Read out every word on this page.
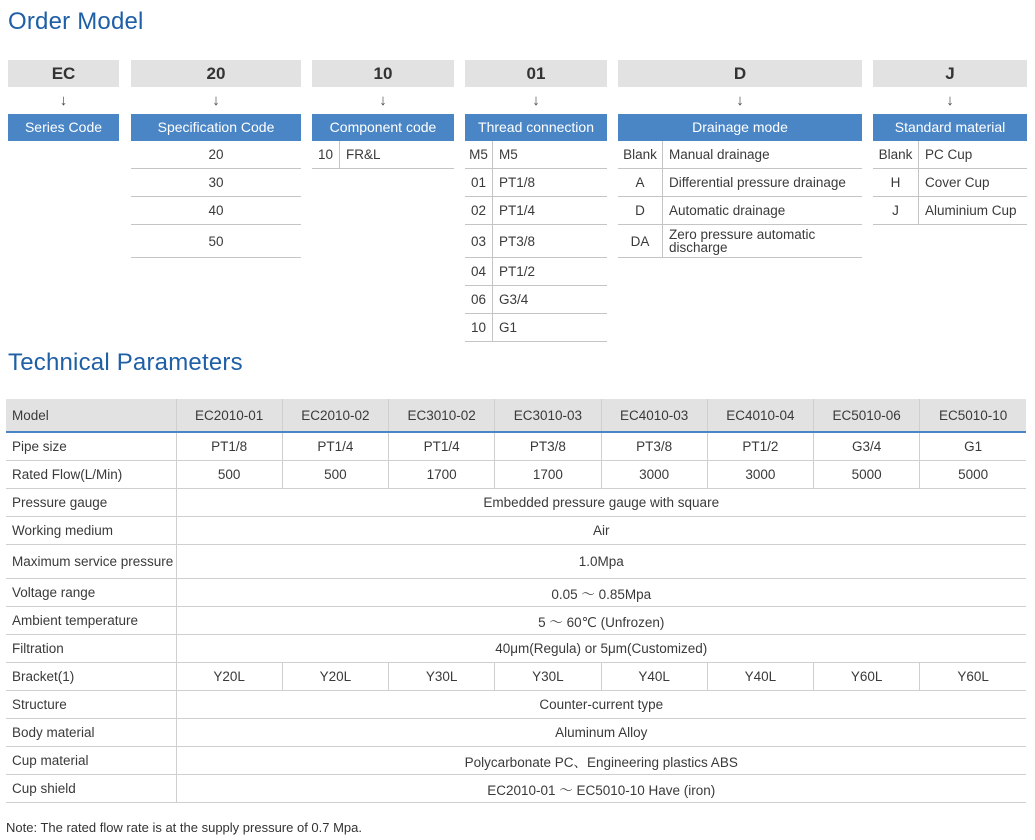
Order Model
EC
↓
Series Code
20
↓
Specification Code
20
30
40
50
10
↓
Component code
10 FR&L
01
↓
Thread connection
M5 M5
01 PT1/8
02 PT1/4
03 PT3/8
04 PT1/2
06 G3/4
10 G1
D
↓
Drainage mode
Blank Manual drainage
A	Differential pressure drainage
D	Automatic drainage
DA	Zero pressure automatic discharge
J
↓
Standard material
Blank PC Cup
H	Cover Cup
J	Aluminium Cup
Technical Parameters
Model	EC2010-01	EC2010-02	EC3010-02	EC3010-03	EC4010-03	EC4010-04	EC5010-06	EC5010-10
Pipe size	PT1/8	PT1/4	PT1/4	PT3/8	PT3/8	PT1/2	G3/4	G1
Rated Flow(L/Min)	500	500	1700	1700	3000	3000	5000	5000
Pressure gauge	Embedded pressure gauge with square							
Working medium	Air							
Maximum service pressure	1.0Mpa							
Voltage range	0.05 ～ 0.85Mpa							
Ambient temperature	5 ～ 60℃ (Unfrozen)							
Filtration	40μm(Regula) or 5μm(Customized)							
Bracket(1)	Y20L	Y20L	Y30L	Y30L	Y40L	Y40L	Y60L	Y60L
Structure	Counter-current type							
Body material	Aluminum Alloy							
Cup material	Polycarbonate PC、Engineering plastics ABS							
Cup shield	EC2010-01 ～ EC5010-10 Have (iron)							
Note: The rated flow rate is at the supply pressure of 0.7 Mpa.
